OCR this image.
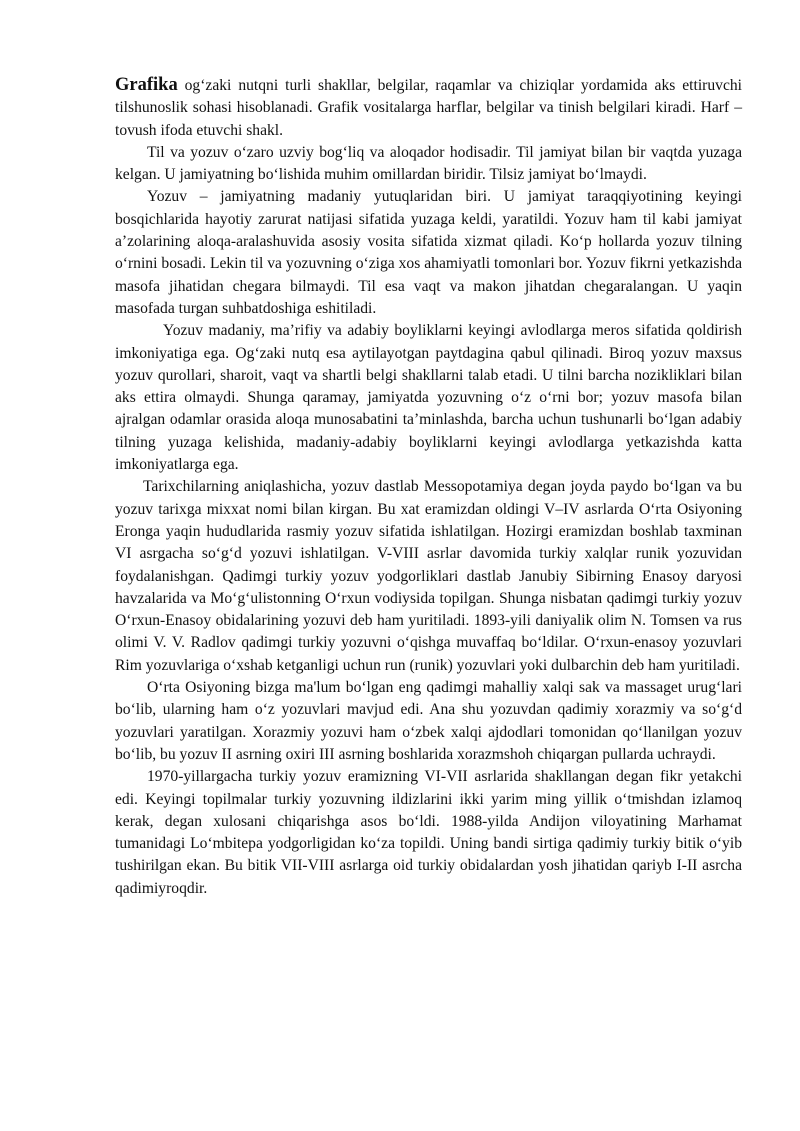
Grafika og‘zaki nutqni turli shakllar, belgilar, raqamlar va chiziqlar yordamida aks ettiruvchi tilshunoslik sohasi hisoblanadi. Grafik vositalarga harflar, belgilar va tinish belgilari kiradi. Harf – tovush ifoda etuvchi shakl.

Til va yozuv o‘zaro uzviy bog‘liq va aloqador hodisadir. Til jamiyat bilan bir vaqtda yuzaga kelgan. U jamiyatning bo‘lishida muhim omillardan biridir. Tilsiz jamiyat bo‘lmaydi.

Yozuv – jamiyatning madaniy yutuqlaridan biri. U jamiyat taraqqiyotining keyingi bosqichlarida hayotiy zarurat natijasi sifatida yuzaga keldi, yaratildi. Yozuv ham til kabi jamiyat a’zolarining aloqa-aralashuvida asosiy vosita sifatida xizmat qiladi. Ko‘p hollarda yozuv tilning o‘rnini bosadi. Lekin til va yozuvning o‘ziga xos ahamiyatli tomonlari bor. Yozuv fikrni yetkazishda masofa jihatidan chegara bilmaydi. Til esa vaqt va makon jihatdan chegaralangan. U yaqin masofada turgan suhbatdoshiga eshitiladi.

Yozuv madaniy, ma’rifiy va adabiy boyliklarni keyingi avlodlarga meros sifatida qoldirish imkoniyatiga ega. Og‘zaki nutq esa aytilayotgan paytdagina qabul qilinadi. Biroq yozuv maxsus yozuv qurollari, sharoit, vaqt va shartli belgi shakllarni talab etadi. U tilni barcha nozikliklari bilan aks ettira olmaydi. Shunga qaramay, jamiyatda yozuvning o‘z o‘rni bor; yozuv masofa bilan ajralgan odamlar orasida aloqa munosabatini ta’minlashda, barcha uchun tushunarli bo‘lgan adabiy tilning yuzaga kelishida, madaniy-adabiy boyliklarni keyingi avlodlarga yetkazishda katta imkoniyatlarga ega.

Tarixchilarning aniqlashicha, yozuv dastlab Messopotamiya degan joyda paydo bo‘lgan va bu yozuv tarixga mixxat nomi bilan kirgan. Bu xat eramizdan oldingi V–IV asrlarda O‘rta Osiyoning Eronga yaqin hududlarida rasmiy yozuv sifatida ishlatilgan. Hozirgi eramizdan boshlab taxminan VI asrgacha so‘g‘d yozuvi ishlatilgan. V-VIII asrlar davomida turkiy xalqlar runik yozuvidan foydalanishgan. Qadimgi turkiy yozuv yodgorliklari dastlab Janubiy Sibirning Enasoy daryosi havzalarida va Mo‘g‘ulistonning O‘rxun vodiysida topilgan. Shunga nisbatan qadimgi turkiy yozuv O‘rxun-Enasoy obidalarining yozuvi deb ham yuritiladi. 1893-yili daniyalik olim N. Tomsen va rus olimi V. V. Radlov qadimgi turkiy yozuvni o‘qishga muvaffaq bo‘ldilar. O‘rxun-enasoy yozuvlari Rim yozuvlariga o‘xshab ketganligi uchun run (runik) yozuvlari yoki dulbarchin deb ham yuritiladi.

O‘rta Osiyoning bizga ma'lum bo‘lgan eng qadimgi mahalliy xalqi sak va massaget urug‘lari bo‘lib, ularning ham o‘z yozuvlari mavjud edi. Ana shu yozuvdan qadimiy xorazmiy va so‘g‘d yozuvlari yaratilgan. Xorazmiy yozuvi ham o‘zbek xalqi ajdodlari tomonidan qo‘llanilgan yozuv bo‘lib, bu yozuv II asrning oxiri III asrning boshlarida xorazmshoh chiqargan pullarda uchraydi.

1970-yillargacha turkiy yozuv eramizning VI-VII asrlarida shakllangan degan fikr yetakchi edi. Keyingi topilmalar turkiy yozuvning ildizlarini ikki yarim ming yillik o‘tmishdan izlamoq kerak, degan xulosani chiqarishga asos bo‘ldi. 1988-yilda Andijon viloyatining Marhamat tumanidagi Lo‘mbitepa yodgorligidan ko‘za topildi. Uning bandi sirtiga qadimiy turkiy bitik o‘yib tushirilgan ekan. Bu bitik VII-VIII asrlarga oid turkiy obidalardan yosh jihatidan qariyb I-II asrcha qadimiyroqdir.
